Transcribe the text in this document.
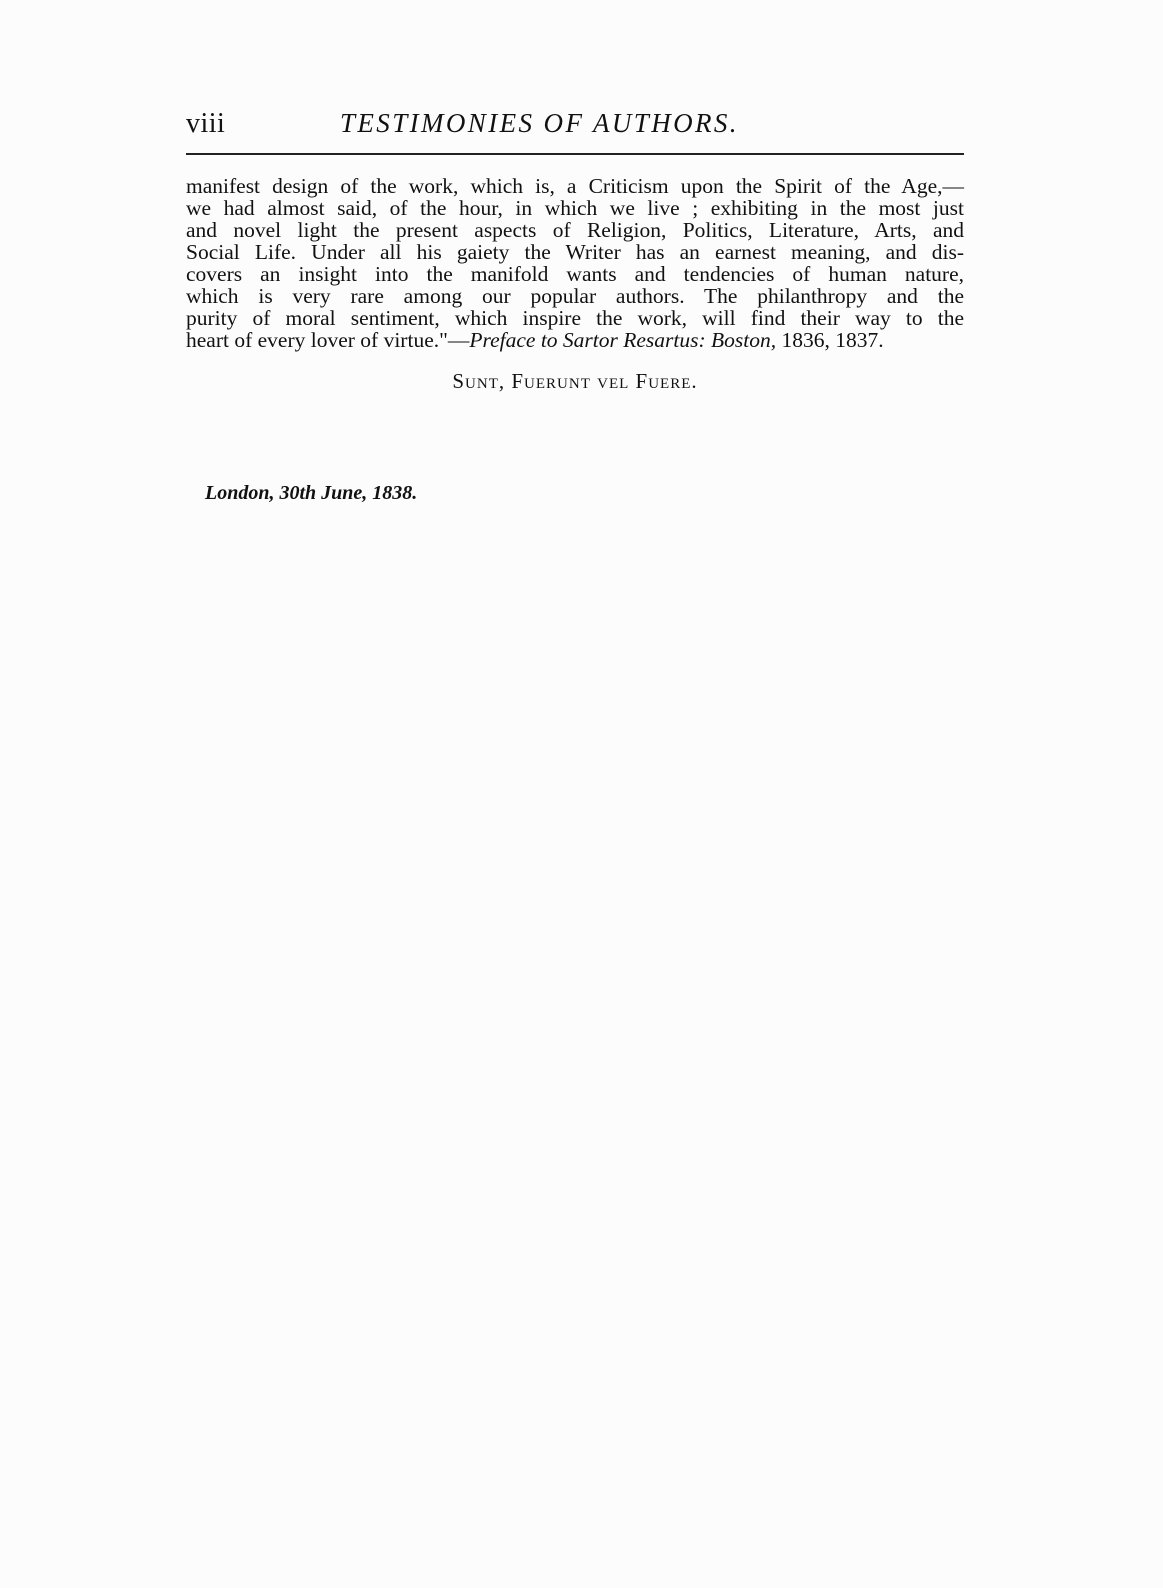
viii	TESTIMONIES OF AUTHORS.
manifest design of the work, which is, a Criticism upon the Spirit of the Age,—
we had almost said, of the hour, in which we live ; exhibiting in the most just
and novel light the present aspects of Religion, Politics, Literature, Arts, and
Social Life. Under all his gaiety the Writer has an earnest meaning, and dis-
covers an insight into the manifold wants and tendencies of human nature,
which is very rare among our popular authors. The philanthropy and the
purity of moral sentiment, which inspire the work, will find their way to the
heart of every lover of virtue."—Preface to Sartor Resartus: Boston, 1836, 1837.
Sunt, Fuerunt vel Fuere.
London, 30th June, 1838.
